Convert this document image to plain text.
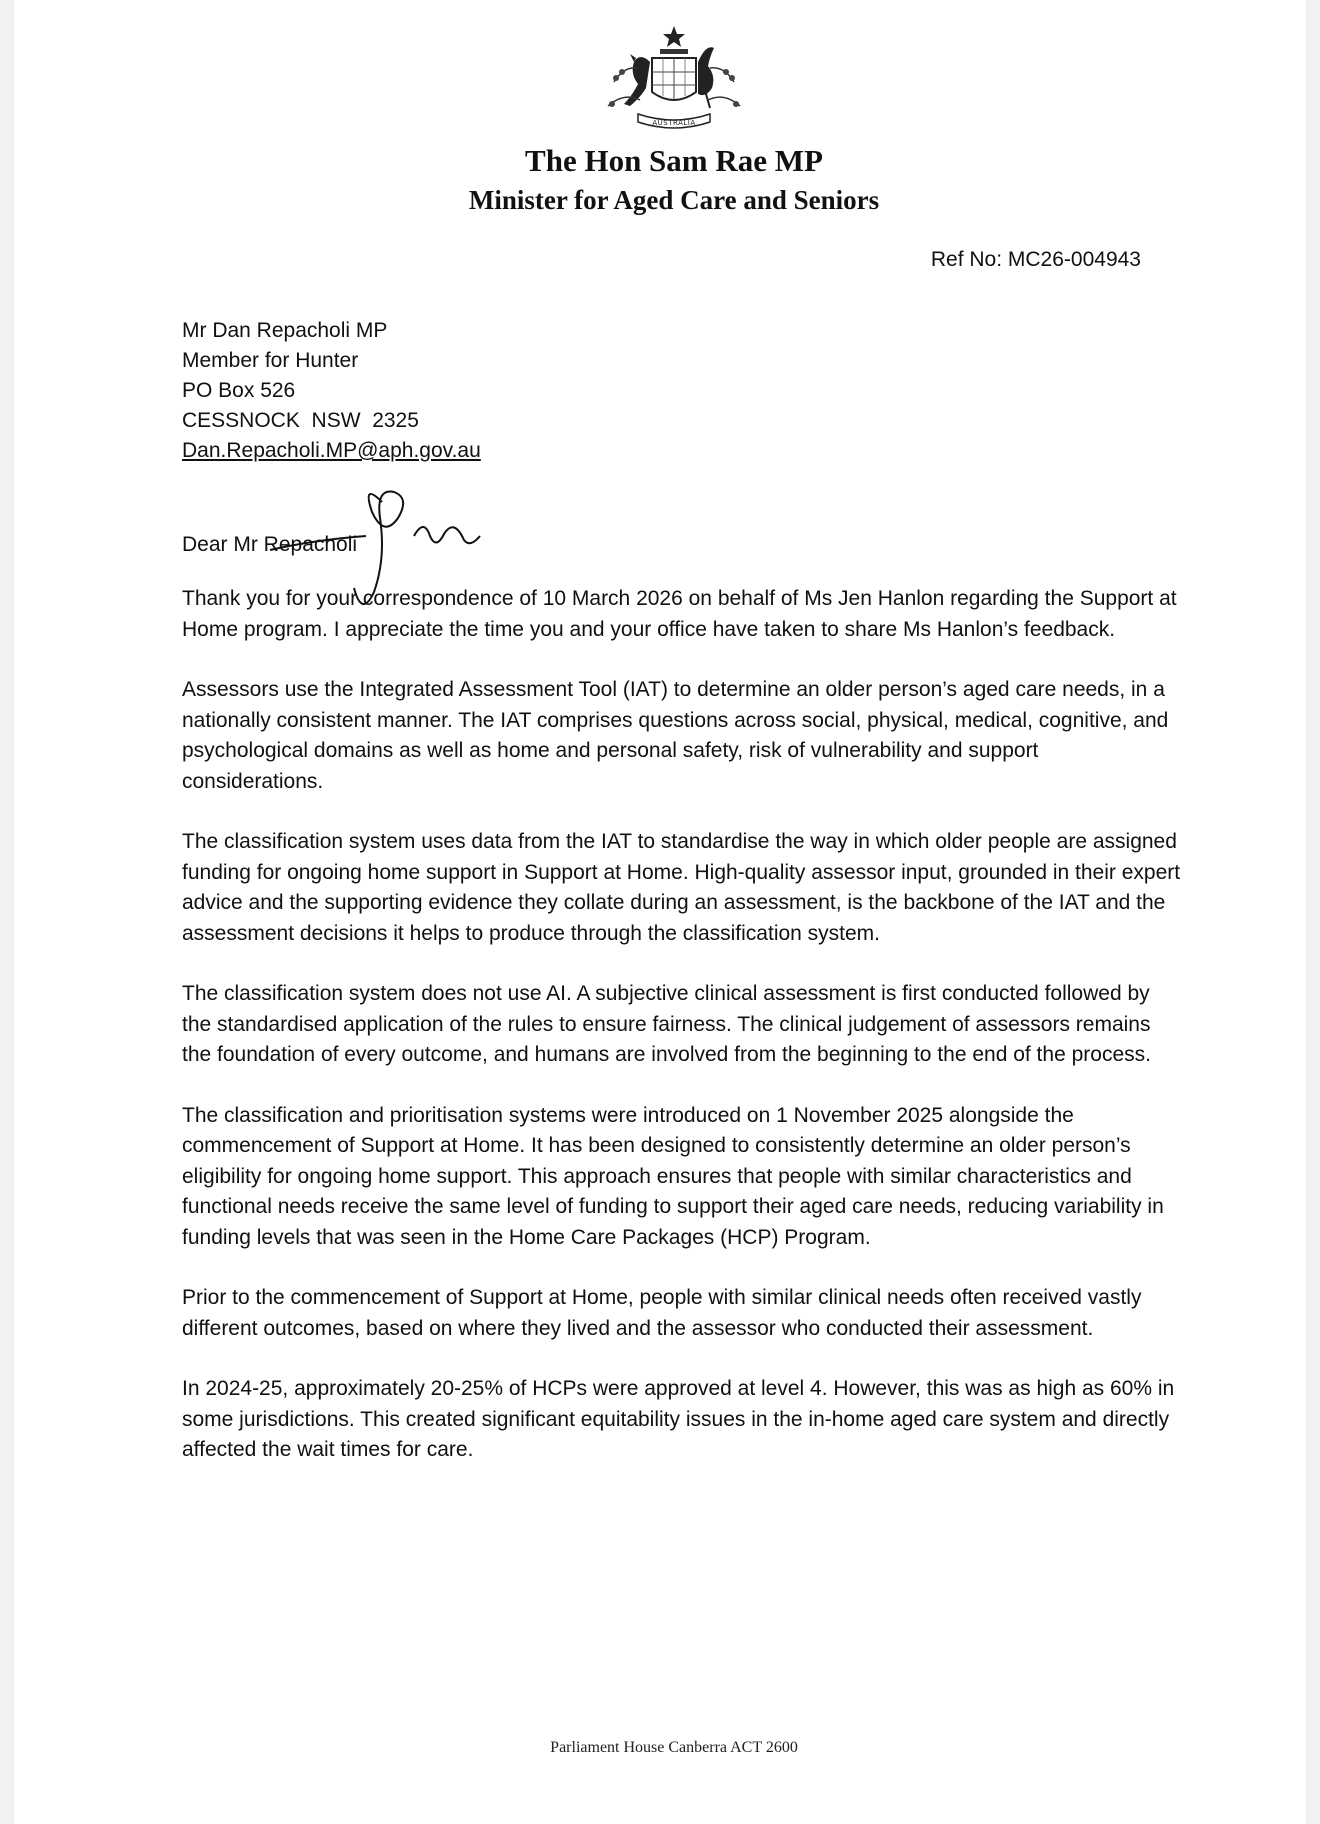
AUSTRALIA
The Hon Sam Rae MP
Minister for Aged Care and Seniors
Ref No: MC26-004943
Mr Dan Repacholi MP
Member for Hunter
PO Box 526
CESSNOCK  NSW  2325
Dan.Repacholi.MP@aph.gov.au
Dear Mr Repacholi

Thank you for your correspondence of 10 March 2026 on behalf of Ms Jen Hanlon regarding the Support at Home program. I appreciate the time you and your office have taken to share Ms Hanlon’s feedback.

Assessors use the Integrated Assessment Tool (IAT) to determine an older person’s aged care needs, in a nationally consistent manner. The IAT comprises questions across social, physical, medical, cognitive, and psychological domains as well as home and personal safety, risk of vulnerability and support considerations.

The classification system uses data from the IAT to standardise the way in which older people are assigned funding for ongoing home support in Support at Home. High-quality assessor input, grounded in their expert advice and the supporting evidence they collate during an assessment, is the backbone of the IAT and the assessment decisions it helps to produce through the classification system.

The classification system does not use AI. A subjective clinical assessment is first conducted followed by the standardised application of the rules to ensure fairness. The clinical judgement of assessors remains the foundation of every outcome, and humans are involved from the beginning to the end of the process.

The classification and prioritisation systems were introduced on 1 November 2025 alongside the commencement of Support at Home. It has been designed to consistently determine an older person’s eligibility for ongoing home support. This approach ensures that people with similar characteristics and functional needs receive the same level of funding to support their aged care needs, reducing variability in funding levels that was seen in the Home Care Packages (HCP) Program.

Prior to the commencement of Support at Home, people with similar clinical needs often received vastly different outcomes, based on where they lived and the assessor who conducted their assessment.

In 2024-25, approximately 20-25% of HCPs were approved at level 4. However, this was as high as 60% in some jurisdictions. This created significant equitability issues in the in-home aged care system and directly affected the wait times for care.

Parliament House Canberra ACT 2600
